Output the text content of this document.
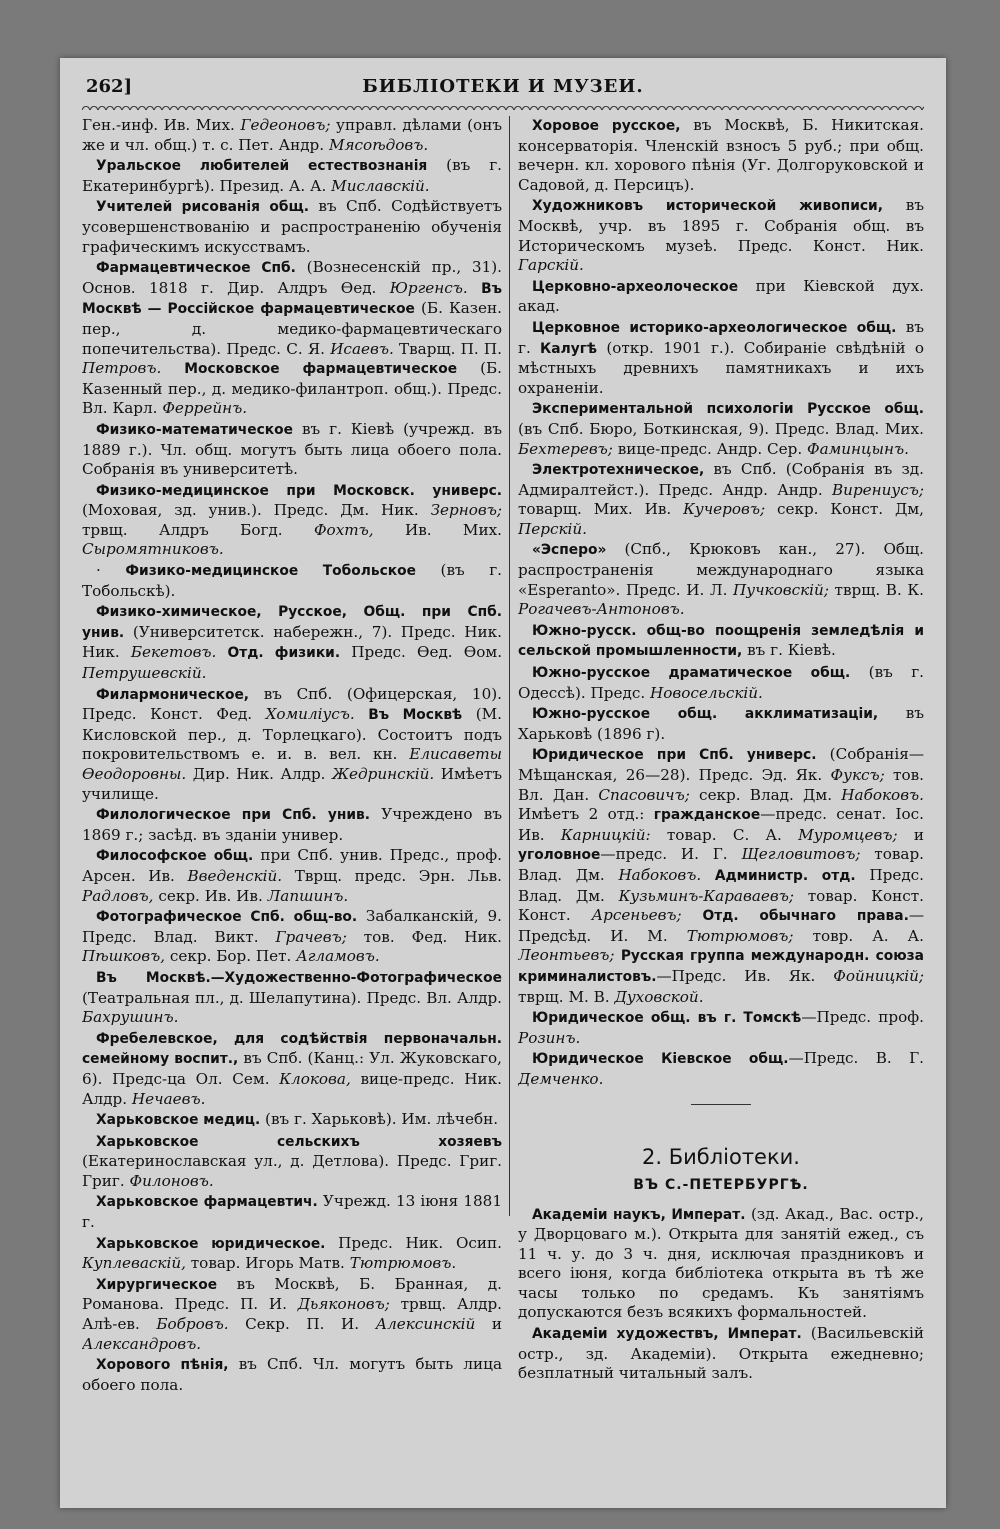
262]	БИБЛІОТЕКИ И МУЗЕИ.

Ген.-инф. Ив. Мих. Гедеоновъ; управл. дѣлами (онъ же и чл. общ.) т. с. Пет. Андр. Мясоѣдовъ.

Уральское любителей естествознанія (въ г. Екатеринбургѣ). Презид. А. А. Миславскій.

Учителей рисованія общ. въ Спб. Содѣйствуетъ усовершенствованію и распространенію обученія графическимъ искусствамъ.

Фармацевтическое Спб. (Вознесенскій пр., 31). Основ. 1818 г. Дир. Алдръ Ѳед. Юргенсъ. Въ Москвѣ — Россійское фармацевтическое (Б. Казен. пер., д. медико-фармацевтическаго попечительства). Предс. С. Я. Исаевъ. Тварщ. П. П. Петровъ. Московское фармацевтическое (Б. Казенный пер., д. медико-филантроп. общ.). Предс. Вл. Карл. Феррейнъ.

Физико-математическое въ г. Кіевѣ (учрежд. въ 1889 г.). Чл. общ. могутъ быть лица обоего пола. Собранія въ университетѣ.

Физико-медицинское при Московск. универс. (Моховая, зд. унив.). Предс. Дм. Ник. Зерновъ; трвщ. Алдръ Богд. Фохтъ, Ив. Мих. Сыромятниковъ.

· Физико-медицинское Тобольское (въ г. Тобольскѣ).

Физико-химическое, Русское, Общ. при Спб. унив. (Университетск. набережн., 7). Предс. Ник. Ник. Бекетовъ. Отд. физики. Предс. Ѳед. Ѳом. Петрушевскій.

Филармоническое, въ Спб. (Офицерская, 10). Предс. Конст. Фед. Хомиліусъ. Въ Москвѣ (М. Кисловской пер., д. Торлецкаго). Состоитъ подъ покровительствомъ е. и. в. вел. кн. Елисаветы Ѳеодоровны. Дир. Ник. Алдр. Жедринскій. Имѣетъ училище.

Филологическое при Спб. унив. Учреждено въ 1869 г.; засѣд. въ зданіи универ.

Философское общ. при Спб. унив. Предс., проф. Арсен. Ив. Введенскій. Тврщ. предс. Эрн. Льв. Радловъ, секр. Ив. Ив. Лапшинъ.

Фотографическое Спб. общ-во. Забалканскій, 9. Предс. Влад. Викт. Грачевъ; тов. Фед. Ник. Пѣшковъ, секр. Бор. Пет. Агламовъ.

Въ Москвѣ.—Художественно-Фотографическое (Театральная пл., д. Шелапутина). Предс. Вл. Алдр. Бахрушинъ.

Фребелевское, для содѣйствія первоначальн. семейному воспит., въ Спб. (Канц.: Ул. Жуковскаго, 6). Предс-ца Ол. Сем. Клокова, вице-предс. Ник. Алдр. Нечаевъ.

Харьковское медиц. (въ г. Харьковѣ). Им. лѣчебн.

Харьковское сельскихъ хозяевъ (Екатеринославская ул., д. Детлова). Предс. Григ. Григ. Филоновъ.

Харьковское фармацевтич. Учрежд. 13 іюня 1881 г.

Харьковское юридическое. Предс. Ник. Осип. Куплеваскій, товар. Игорь Матв. Тютрюмовъ.

Хирургическое въ Москвѣ, Б. Бранная, д. Романова. Предс. П. И. Дьяконовъ; трвщ. Алдр. Алѣ-ев. Бобровъ. Секр. П. И. Алексинскій и Александровъ.

Хорового пѣнія, въ Спб. Чл. могутъ быть лица обоего пола.

Хоровое русское, въ Москвѣ, Б. Никитская. консерваторія. Членскій взносъ 5 руб.; при общ. вечерн. кл. хорового пѣнія (Уг. Долгоруковской и Садовой, д. Персицъ).

Художниковъ исторической живописи, въ Москвѣ, учр. въ 1895 г. Собранія общ. въ Историческомъ музеѣ. Предс. Конст. Ник. Гарскій.

Церковно-археолоческое при Кіевской дух. акад.

Церковное историко-археологическое общ. въ г. Калугѣ (откр. 1901 г.). Собираніе свѣдѣній о мѣстныхъ древнихъ памятникахъ и ихъ охраненіи.

Экспериментальной психологіи Русское общ. (въ Спб. Бюро, Боткинская, 9). Предс. Влад. Мих. Бехтеревъ; вице-предс. Андр. Сер. Фаминцынъ.

Электротехническое, въ Спб. (Собранія въ зд. Адмиралтейст.). Предс. Андр. Андр. Вирениусъ; товарщ. Мих. Ив. Кучеровъ; секр. Конст. Дм, Перскій.

«Эсперо» (Спб., Крюковъ кан., 27). Общ. распространенія международнаго языка «Esperanto». Предс. И. Л. Пучковскій; тврщ. В. К. Рогачевъ-Антоновъ.

Южно-русск. общ-во поощренія земледѣлія и сельской промышленности, въ г. Кіевѣ.

Южно-русское драматическое общ. (въ г. Одессѣ). Предс. Новосельскій.

Южно-русское общ. акклиматизаціи, въ Харьковѣ (1896 г).

Юридическое при Спб. универс. (Собранія—Мѣщанская, 26—28). Предс. Эд. Як. Фуксъ; тов. Вл. Дан. Спасовичъ; секр. Влад. Дм. Набоковъ. Имѣетъ 2 отд.: гражданское—предс. сенат. Іос. Ив. Карницкій: товар. С. А. Муромцевъ; и уголовное—предс. И. Г. Щегловитовъ; товар. Влад. Дм. Набоковъ. Администр. отд. Предс. Влад. Дм. Кузьминъ-Караваевъ; товар. Конст. Конст. Арсеньевъ; Отд. обычнаго права.—Предсѣд. И. М. Тютрюмовъ; товр. А. А. Леонтьевъ; Русская группа международн. союза криминалистовъ.—Предс. Ив. Як. Фойницкій; тврщ. М. В. Духовской.

Юридическое общ. въ г. Томскѣ—Предс. проф. Розинъ.

Юридическое Кіевское общ.—Предс. В. Г. Демченко.

2. Библіотеки.
ВЪ С.-ПЕТЕРБУРГѢ.

Академіи наукъ, Императ. (зд. Акад., Вас. остр., у Дворцоваго м.). Открыта для занятій ежед., съ 11 ч. у. до 3 ч. дня, исключая праздниковъ и всего іюня, когда библіотека открыта въ тѣ же часы только по средамъ. Къ занятіямъ допускаются безъ всякихъ формальностей.

Академіи художествъ, Императ. (Васильевскій остр., зд. Академіи). Открыта ежедневно; безплатный читальный залъ.
